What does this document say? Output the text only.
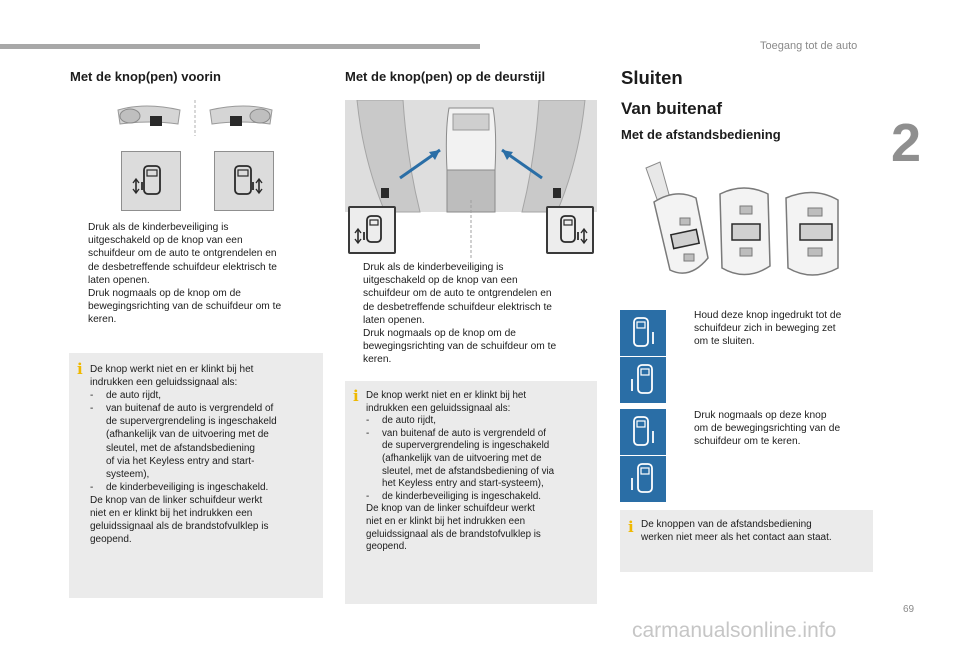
Toegang tot de auto
2
69
carmanualsonline.info
Met de knop(pen) voorin
Druk als de kinderbeveiliging is
uitgeschakeld op de knop van een
schuifdeur om de auto te ontgrendelen en
de desbetreffende schuifdeur elektrisch te
laten openen.
Druk nogmaals op de knop om de
bewegingsrichting van de schuifdeur om te
keren.
i De knop werkt niet en er klinkt bij het
indrukken een geluidssignaal als:
- de auto rijdt,
- van buitenaf de auto is vergrendeld of
de supervergrendeling is ingeschakeld
(afhankelijk van de uitvoering met de
sleutel, met de afstandsbediening
of via het Keyless entry and start-
systeem),
- de kinderbeveiliging is ingeschakeld.
De knop van de linker schuifdeur werkt
niet en er klinkt bij het indrukken een
geluidssignaal als de brandstofvulklep is
geopend.
Met de knop(pen) op de deurstijl
Druk als de kinderbeveiliging is
uitgeschakeld op de knop van een
schuifdeur om de auto te ontgrendelen en
de desbetreffende schuifdeur elektrisch te
laten openen.
Druk nogmaals op de knop om de
bewegingsrichting van de schuifdeur om te
keren.
i De knop werkt niet en er klinkt bij het
indrukken een geluidssignaal als:
- de auto rijdt,
- van buitenaf de auto is vergrendeld of
de supervergrendeling is ingeschakeld
(afhankelijk van de uitvoering met de
sleutel, met de afstandsbediening of via
het Keyless entry and start-systeem),
- de kinderbeveiliging is ingeschakeld.
De knop van de linker schuifdeur werkt
niet en er klinkt bij het indrukken een
geluidssignaal als de brandstofvulklep is
geopend.
Sluiten
Van buitenaf
Met de afstandsbediening
Houd deze knop ingedrukt tot de
schuifdeur zich in beweging zet
om te sluiten.
Druk nogmaals op deze knop
om de bewegingsrichting van de
schuifdeur om te keren.
i De knoppen van de afstandsbediening
werken niet meer als het contact aan staat.
